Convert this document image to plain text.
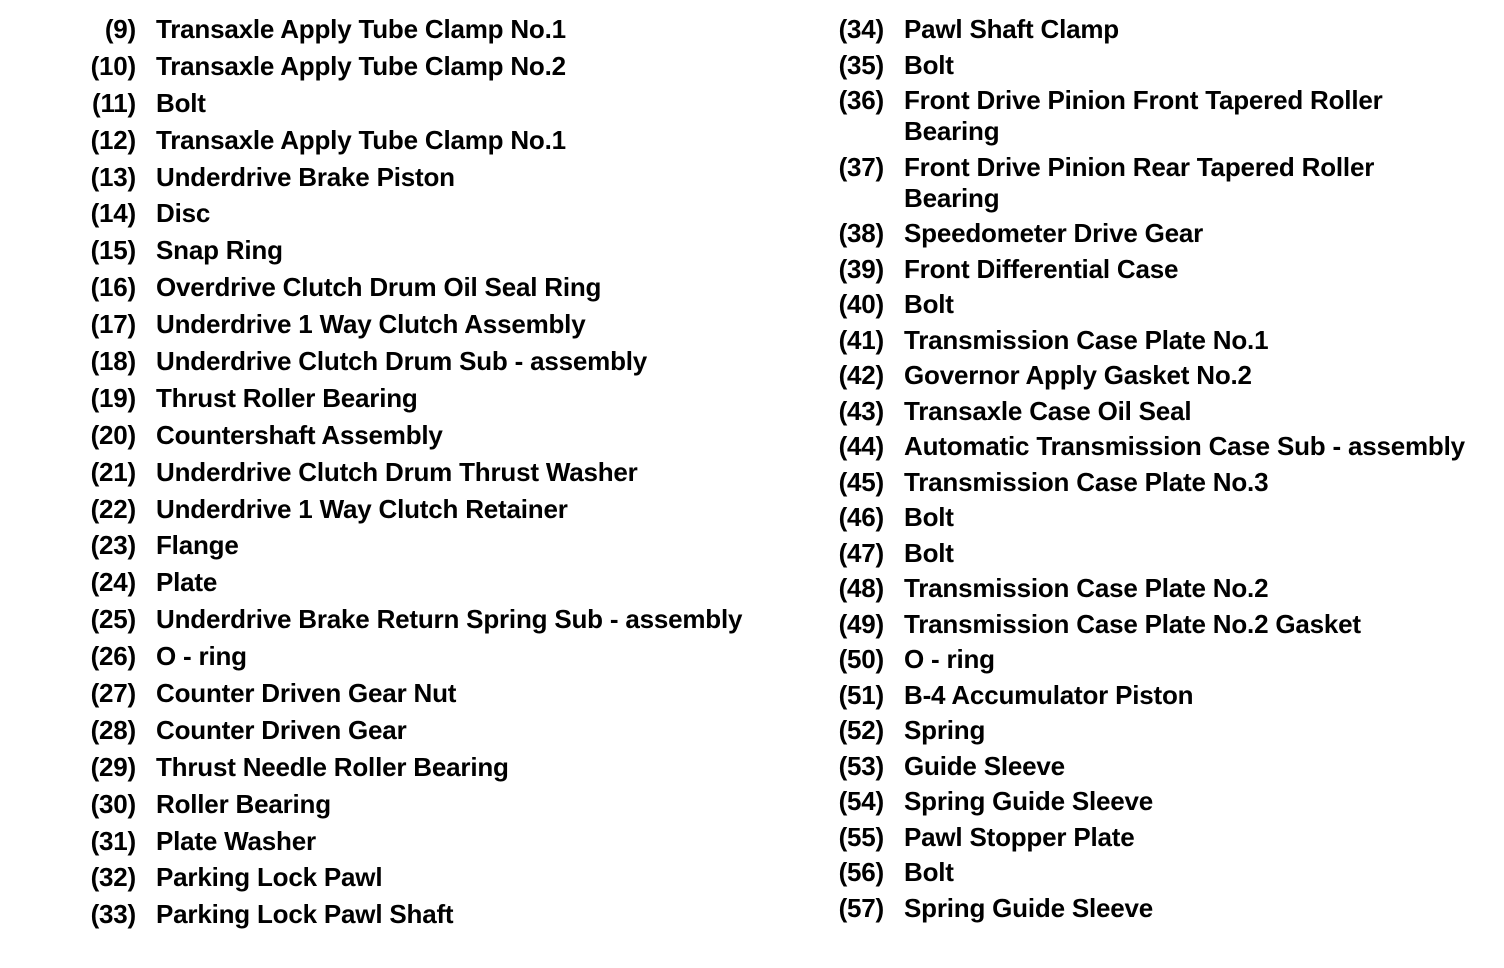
(9) Transaxle Apply Tube Clamp No.1
(10) Transaxle Apply Tube Clamp No.2
(11) Bolt
(12) Transaxle Apply Tube Clamp No.1
(13) Underdrive Brake Piston
(14) Disc
(15) Snap Ring
(16) Overdrive Clutch Drum Oil Seal Ring
(17) Underdrive 1 Way Clutch Assembly
(18) Underdrive Clutch Drum Sub - assembly
(19) Thrust Roller Bearing
(20) Countershaft Assembly
(21) Underdrive Clutch Drum Thrust Washer
(22) Underdrive 1 Way Clutch Retainer
(23) Flange
(24) Plate
(25) Underdrive Brake Return Spring Sub - assembly
(26) O - ring
(27) Counter Driven Gear Nut
(28) Counter Driven Gear
(29) Thrust Needle Roller Bearing
(30) Roller Bearing
(31) Plate Washer
(32) Parking Lock Pawl
(33) Parking Lock Pawl Shaft
(34) Pawl Shaft Clamp
(35) Bolt
(36) Front Drive Pinion Front Tapered Roller Bearing
(37) Front Drive Pinion Rear Tapered Roller Bearing
(38) Speedometer Drive Gear
(39) Front Differential Case
(40) Bolt
(41) Transmission Case Plate No.1
(42) Governor Apply Gasket No.2
(43) Transaxle Case Oil Seal
(44) Automatic Transmission Case Sub - assembly
(45) Transmission Case Plate No.3
(46) Bolt
(47) Bolt
(48) Transmission Case Plate No.2
(49) Transmission Case Plate No.2 Gasket
(50) O - ring
(51) B-4 Accumulator Piston
(52) Spring
(53) Guide Sleeve
(54) Spring Guide Sleeve
(55) Pawl Stopper Plate
(56) Bolt
(57) Spring Guide Sleeve
